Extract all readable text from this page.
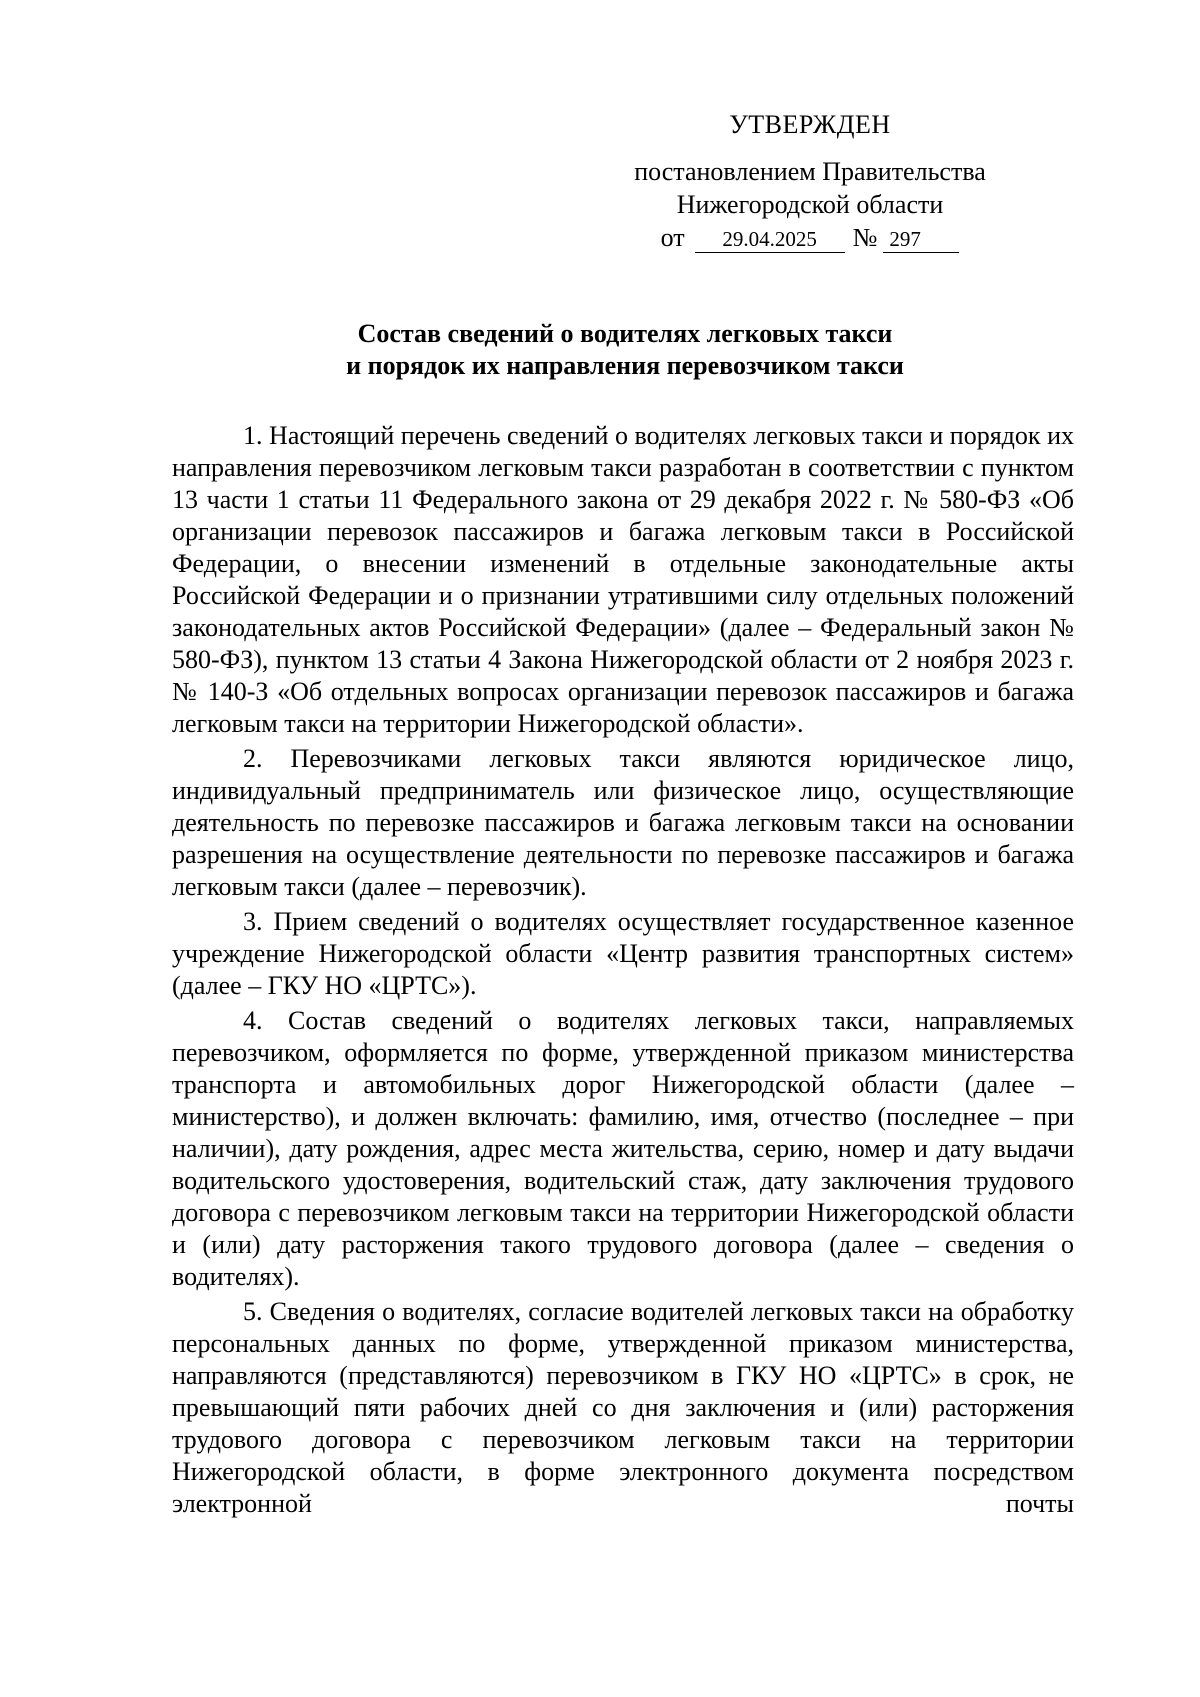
УТВЕРЖДЕН
постановлением Правительства
Нижегородской области
от	29.04.2025	№ 297
Состав сведений о водителях легковых такси
и порядок их направления перевозчиком такси

1. Настоящий перечень сведений о водителях легковых такси и порядок их направления перевозчиком легковым такси разработан в соответствии с пунктом 13 части 1 статьи 11 Федерального закона от 29 декабря 2022 г. № 580-ФЗ «Об организации перевозок пассажиров и багажа легковым такси в Российской Федерации, о внесении изменений в отдельные законодательные акты Российской Федерации и о признании утратившими силу отдельных положений законодательных актов Российской Федерации» (далее – Федеральный закон № 580-ФЗ), пунктом 13 статьи 4 Закона Нижегородской области от 2 ноября 2023 г. № 140-З «Об отдельных вопросах организации перевозок пассажиров и багажа легковым такси на территории Нижегородской области».

2. Перевозчиками легковых такси являются юридическое лицо, индивидуальный предприниматель или физическое лицо, осуществляющие деятельность по перевозке пассажиров и багажа легковым такси на основании разрешения на осуществление деятельности по перевозке пассажиров и багажа легковым такси (далее – перевозчик).

3. Прием сведений о водителях осуществляет государственное казенное учреждение Нижегородской области «Центр развития транспортных систем» (далее – ГКУ НО «ЦРТС»).

4. Состав сведений о водителях легковых такси, направляемых перевозчиком, оформляется по форме, утвержденной приказом министерства транспорта и автомобильных дорог Нижегородской области (далее – министерство), и должен включать: фамилию, имя, отчество (последнее – при наличии), дату рождения, адрес места жительства, серию, номер и дату выдачи водительского удостоверения, водительский стаж, дату заключения трудового договора с перевозчиком легковым такси на территории Нижегородской области и (или) дату расторжения такого трудового договора (далее – сведения о водителях).

5. Сведения о водителях, согласие водителей легковых такси на обработку персональных данных по форме, утвержденной приказом министерства, направляются (представляются) перевозчиком в ГКУ НО «ЦРТС» в срок, не превышающий пяти рабочих дней со дня заключения и (или) расторжения трудового договора с перевозчиком легковым такси на территории Нижегородской области, в форме электронного документа посредством электронной почты
